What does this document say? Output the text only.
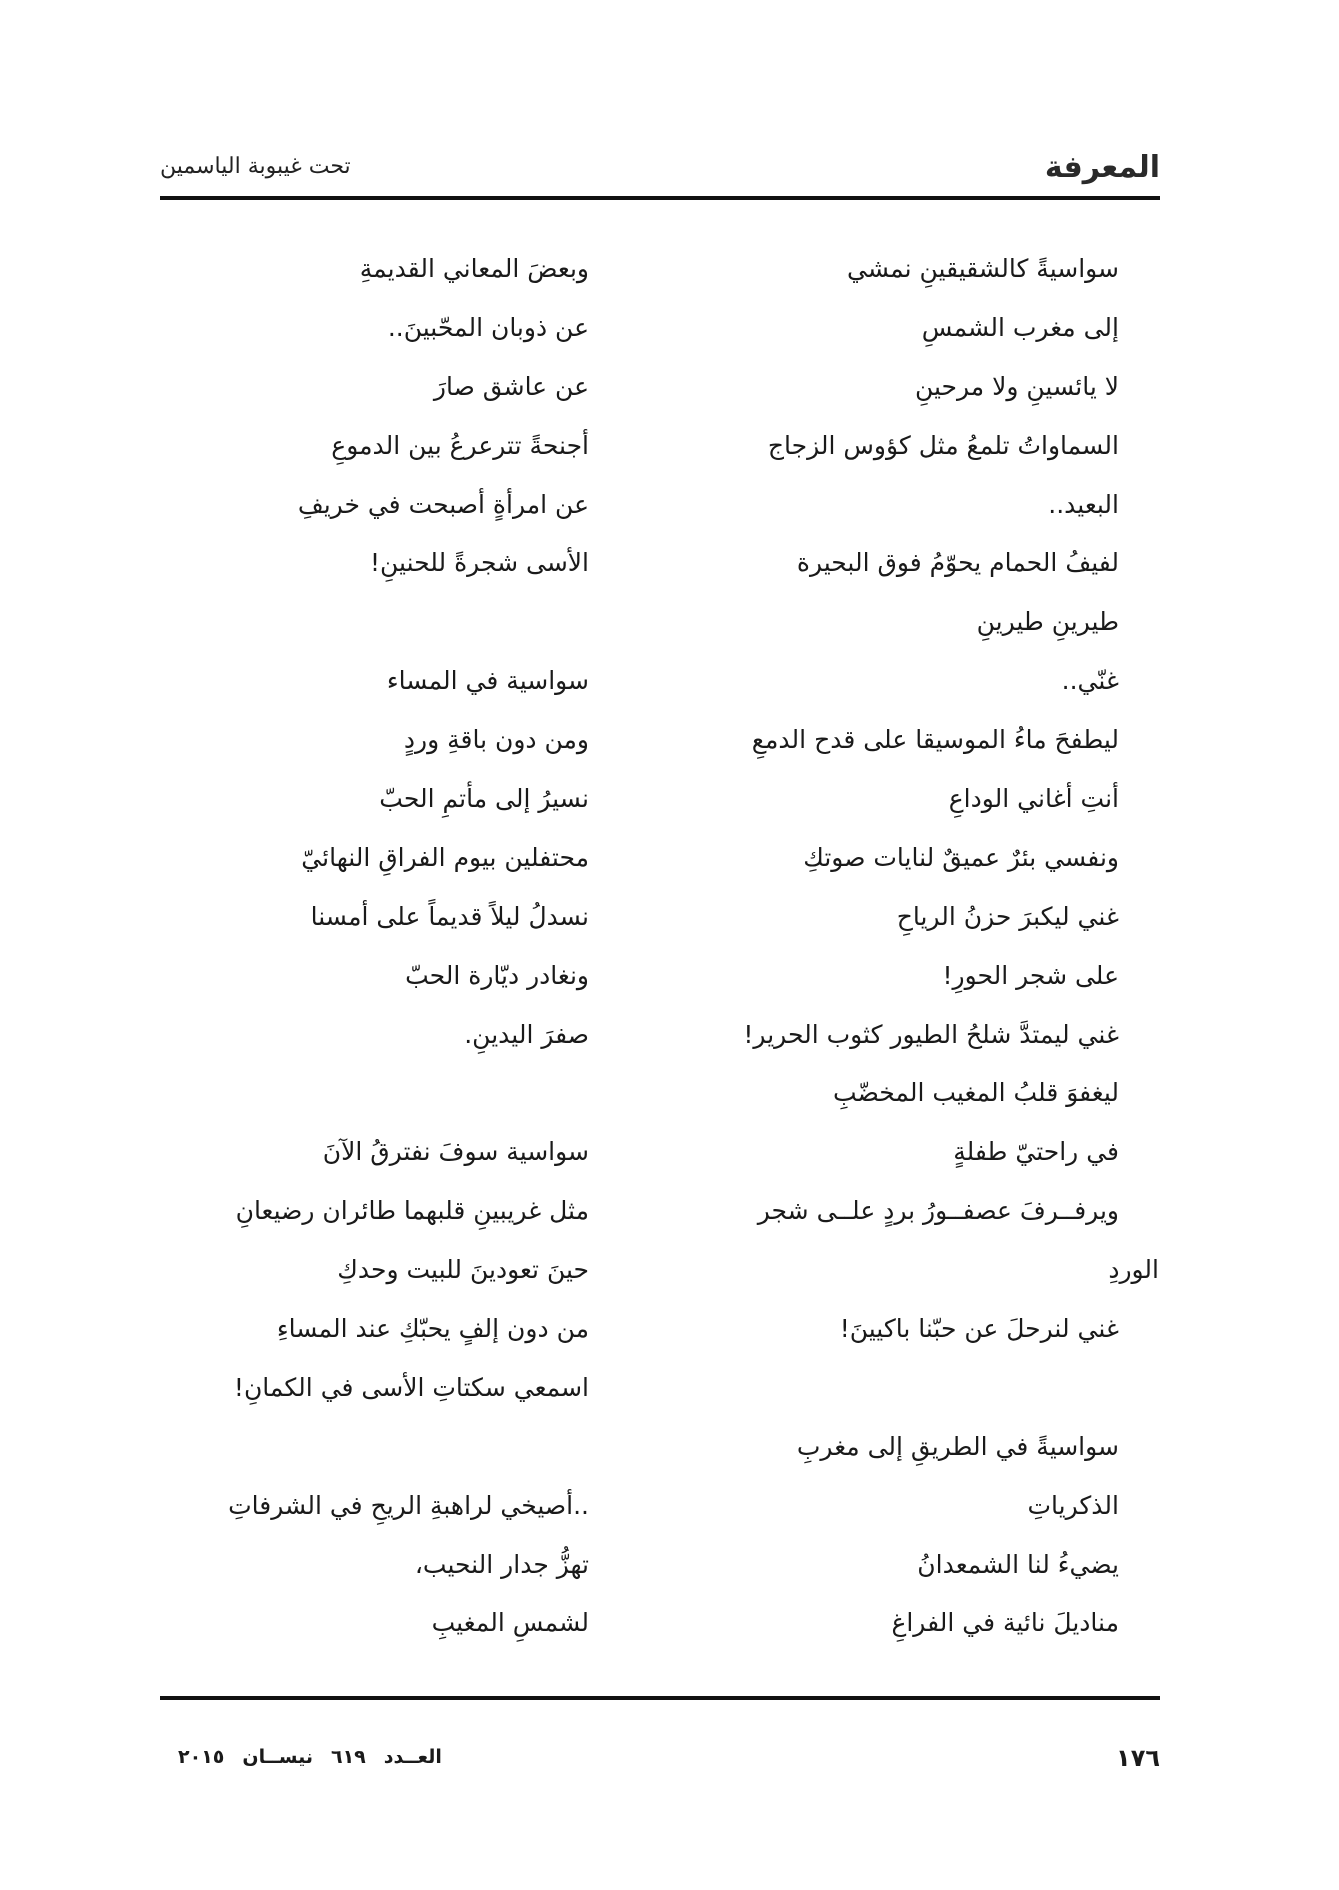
المعرفة
تحت غيبوبة الياسمين
سواسيةً كالشقيقينِ نمشي
إلى مغرب الشمسِ
لا يائسينِ ولا مرحينِ
السماواتُ تلمعُ مثل كؤوس الزجاج
البعيد..
لفيفُ الحمام يحوّمُ فوق البحيرة
طيرينِ طيرينِ
غنّي..
ليطفحَ ماءُ الموسيقا على قدح الدمعِ
أنتِ أغاني الوداعِ
ونفسي بئرٌ عميقٌ لنايات صوتكِ
غني ليكبرَ حزنُ الرياحِ
على شجر الحورِ!
غني ليمتدَّ شلحُ الطيور كثوب الحرير!
ليغفوَ قلبُ المغيب المخضّبِ
في راحتيّ طفلةٍ
ويرفــرفَ عصفــورُ بردٍ علــى شجر
الوردِ
غني لنرحلَ عن حبّنا باكيينَ!
سواسيةً في الطريقِ إلى مغربِ
الذكرياتِ
يضيءُ لنا الشمعدانُ
مناديلَ نائية في الفراغِ
وبعضَ المعاني القديمةِ
عن ذوبان المحّبينَ..
عن عاشق صارَ
أجنحةً تترعرعُ بين الدموعِ
عن امرأةٍ أصبحت في خريفِ
الأسى شجرةً للحنينِ!
سواسية في المساء
ومن دون باقةِ وردٍ
نسيرُ إلى مأتمِ الحبّ
محتفلين بيوم الفراقِ النهائيّ
نسدلُ ليلاً قديماً على أمسنا
ونغادر ديّارة الحبّ
صفرَ اليدينِ.
سواسية سوفَ نفترقُ الآنَ
مثل غريبينِ قلبهما طائران رضيعانِ
حينَ تعودينَ للبيت وحدكِ
من دون إلفٍ يحبّكِ عند المساءِ
اسمعي سكتاتِ الأسى في الكمانِ!
..أصيخي لراهبةِ الريحِ في الشرفاتِ
تهزُّ جدار النحيب،
لشمسِ المغيبِ
١٧٦
العــدد٦١٩نيســان٢٠١٥
